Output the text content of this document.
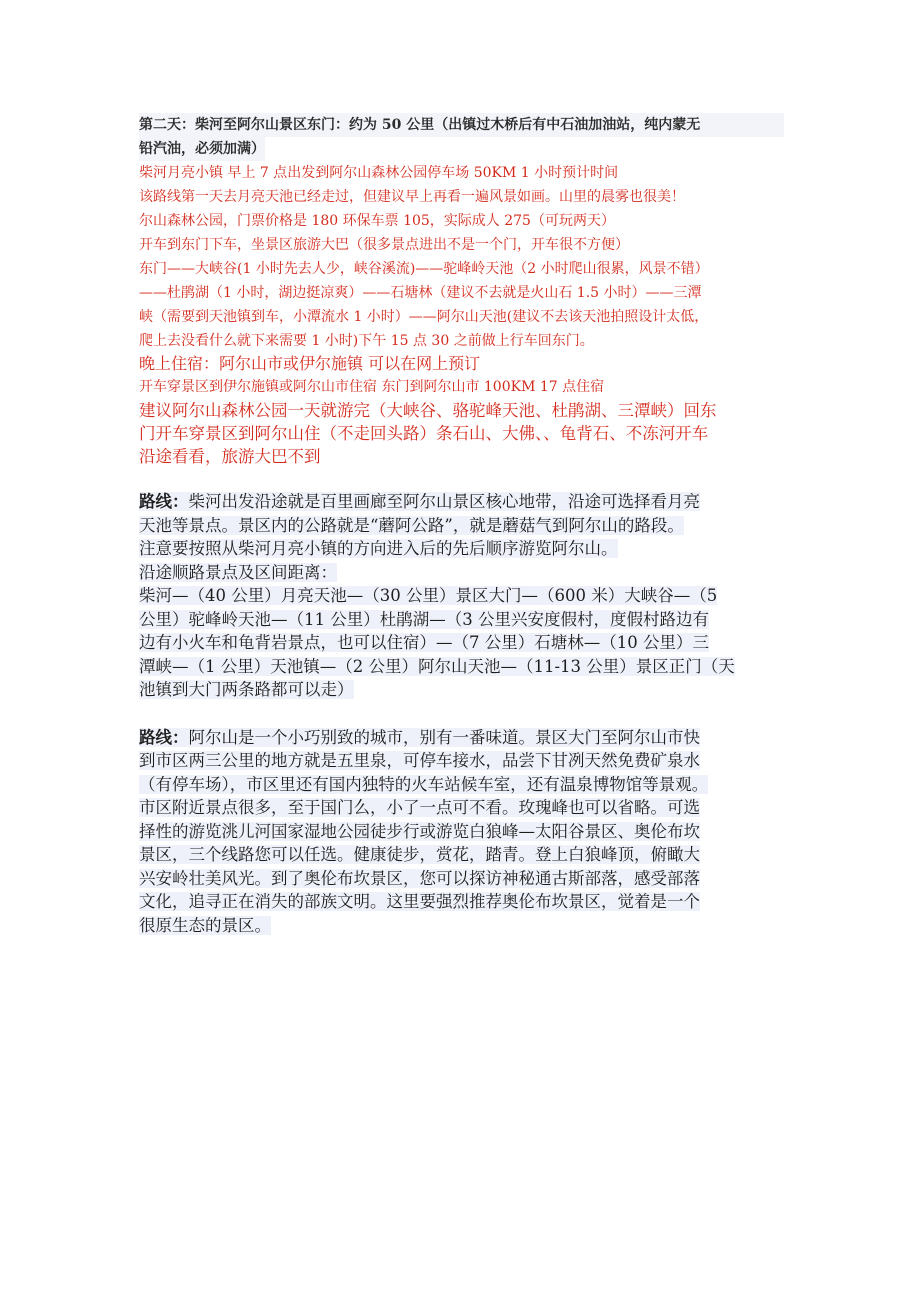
第二天：柴河至阿尔山景区东门：约为 50 公里（出镇过木桥后有中石油加油站，纯内蒙无
铅汽油，必须加满）
柴河月亮小镇 早上 7 点出发到阿尔山森林公园停车场 50KM 1 小时预计时间
该路线第一天去月亮天池已经走过，但建议早上再看一遍风景如画。山里的晨雾也很美！
尔山森林公园，门票价格是 180 环保车票 105，实际成人 275（可玩两天）
开车到东门下车，坐景区旅游大巴（很多景点进出不是一个门，开车很不方便）
东门——大峡谷(1 小时先去人少，峡谷溪流)——驼峰岭天池（2 小时爬山很累，风景不错）
——杜鹃湖（1 小时，湖边挺凉爽）——石塘林（建议不去就是火山石 1.5 小时）——三潭
峡（需要到天池镇到车，小潭流水 1 小时）——阿尔山天池(建议不去该天池拍照设计太低，
爬上去没看什么就下来需要 1 小时)下午 15 点 30 之前做上行车回东门。
晚上住宿：阿尔山市或伊尔施镇 可以在网上预订
开车穿景区到伊尔施镇或阿尔山市住宿 东门到阿尔山市 100KM 17 点住宿
建议阿尔山森林公园一天就游完（大峡谷、骆驼峰天池、杜鹃湖、三潭峡）回东
门开车穿景区到阿尔山住（不走回头路）条石山、大佛、、龟背石、不冻河开车
沿途看看，旅游大巴不到
路线：柴河出发沿途就是百里画廊至阿尔山景区核心地带，沿途可选择看月亮
天池等景点。景区内的公路就是“蘑阿公路”，就是蘑菇气到阿尔山的路段。
注意要按照从柴河月亮小镇的方向进入后的先后顺序游览阿尔山。
沿途顺路景点及区间距离：
柴河—（40 公里）月亮天池—（30 公里）景区大门—（600 米）大峡谷—（5
公里）驼峰岭天池—（11 公里）杜鹃湖—（3 公里兴安度假村，度假村路边有
边有小火车和龟背岩景点，也可以住宿）—（7 公里）石塘林—（10 公里）三
潭峡—（1 公里）天池镇—（2 公里）阿尔山天池—（11-13 公里）景区正门（天
池镇到大门两条路都可以走）
路线：阿尔山是一个小巧别致的城市，别有一番味道。景区大门至阿尔山市快
到市区两三公里的地方就是五里泉，可停车接水，品尝下甘冽天然免费矿泉水
（有停车场），市区里还有国内独特的火车站候车室，还有温泉博物馆等景观。
市区附近景点很多，至于国门么，小了一点可不看。玫瑰峰也可以省略。可选
择性的游览洮儿河国家湿地公园徒步行或游览白狼峰—太阳谷景区、奥伦布坎
景区，三个线路您可以任选。健康徒步，赏花，踏青。登上白狼峰顶，俯瞰大
兴安岭壮美风光。到了奥伦布坎景区，您可以探访神秘通古斯部落，感受部落
文化，追寻正在消失的部族文明。这里要强烈推荐奥伦布坎景区，觉着是一个
很原生态的景区。
